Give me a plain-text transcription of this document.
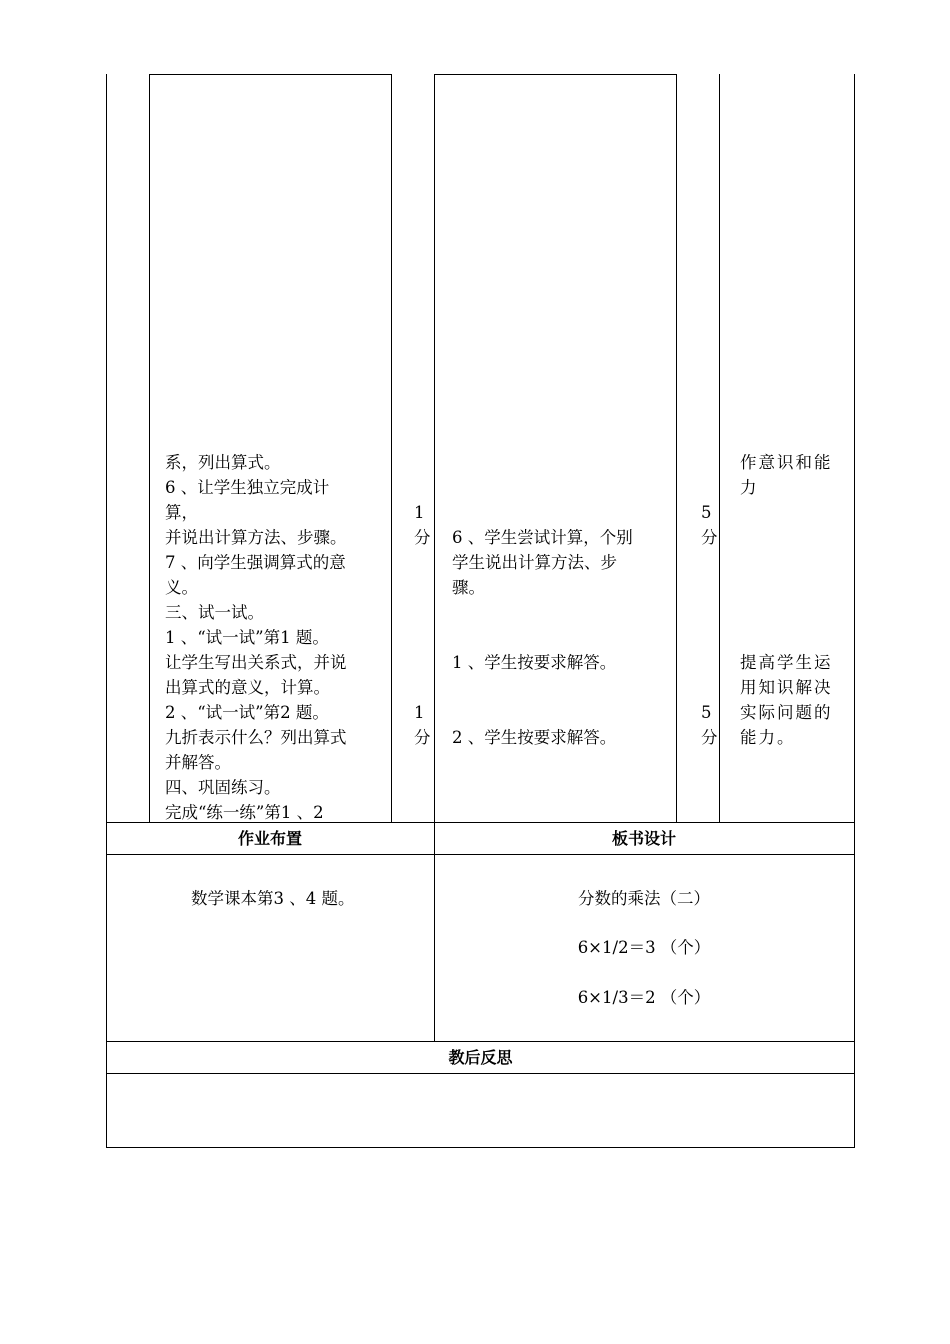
系，列出算式。
6 、让学生独立完成计
算，
并说出计算方法、步骤。
7 、向学生强调算式的意
义。
三、试一试。
1 、“试一试”第1 题。
让学生写出关系式，并说
出算式的意义，计算。
2 、“试一试”第2 题。
九折表示什么？列出算式
并解答。
四、巩固练习。
完成“练一练”第1 、2
1
分
1
分
6 、学生尝试计算，个别
学生说出计算方法、步
骤。
1 、学生按要求解答。
2 、学生按要求解答。
5
分
5
分
作意识和能
力
提高学生运
用知识解决
实际问题的
能力。
作业布置	板书设计
数学课本第3 、4 题。	分数的乘法（二）
6×1/2＝3 （个）
6×1/3＝2 （个）
教后反思
